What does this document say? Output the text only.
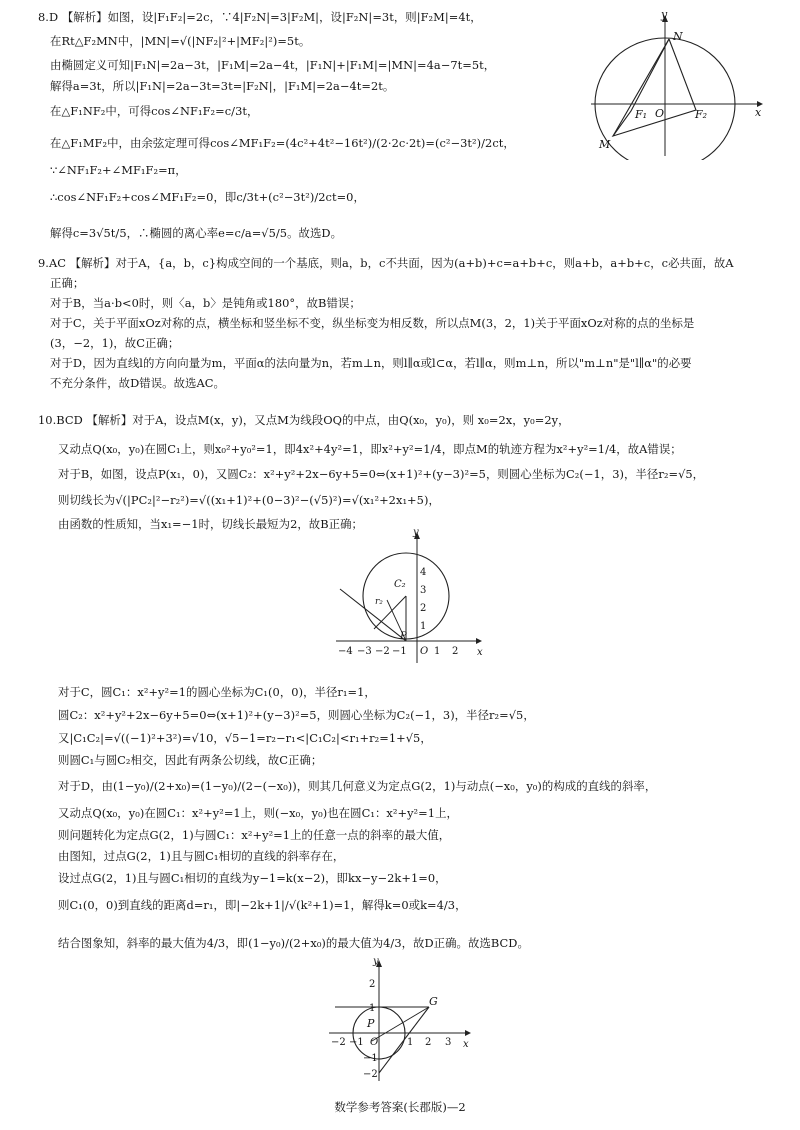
8.D 【解析】如图，设|F₁F₂|=2c，∵4|F₂N|=3|F₂M|，设|F₂N|=3t，则|F₂M|=4t，
在Rt△F₂MN中，|MN|=√(|NF₂|²+|MF₂|²)=5t。
由椭圆定义可知|F₁N|=2a−3t，|F₁M|=2a−4t，|F₁N|+|F₁M|=|MN|=4a−7t=5t，
解得a=3t，所以|F₁N|=2a−3t=3t=|F₂N|，|F₁M|=2a−4t=2t。
在△F₁NF₂中，可得cos∠NF₁F₂=c/3t，
在△F₁MF₂中，由余弦定理可得cos∠MF₁F₂=(4c²+4t²−16t²)/(2·2c·2t)=(c²−3t²)/2ct，
∵∠NF₁F₂+∠MF₁F₂=π，
∴cos∠NF₁F₂+cos∠MF₁F₂=0，即c/3t+(c²−3t²)/2ct=0，
解得c=3√5t/5，∴椭圆的离心率e=c/a=√5/5。故选D。
y
x
N
F₁ O	F₂
M
9.AC 【解析】对于A，{a，b，c}构成空间的一个基底，则a，b，c不共面，因为(a+b)+c=a+b+c，则a+b，a+b+c，c必共面，故A
正确；
对于B，当a·b<0时，则〈a，b〉是钝角或180°，故B错误；
对于C，关于平面xOz对称的点，横坐标和竖坐标不变，纵坐标变为相反数，所以点M(3，2，1)关于平面xOz对称的点的坐标是
(3，−2，1)，故C正确；
对于D，因为直线l的方向向量为m，平面α的法向量为n，若m⊥n，则l∥α或l⊂α，若l∥α，则m⊥n，所以"m⊥n"是"l∥α"的必要
不充分条件，故D错误。故选AC。
10.BCD 【解析】对于A，设点M(x，y)，又点M为线段OQ的中点，由Q(x₀，y₀)，则 x₀=2x，y₀=2y，
又动点Q(x₀，y₀)在圆C₁上，则x₀²+y₀²=1，即4x²+4y²=1，即x²+y²=1/4，即点M的轨迹方程为x²+y²=1/4，故A错误；
对于B，如图，设点P(x₁，0)，又圆C₂：x²+y²+2x−6y+5=0⇔(x+1)²+(y−3)²=5，则圆心坐标为C₂(−1，3)，半径r₂=√5，
则切线长为√(|PC₂|²−r₂²)=√((x₁+1)²+(0−3)²−(√5)²)=√(x₁²+2x₁+5)，
由函数的性质知，当x₁=−1时，切线长最短为2，故B正确；
y
x
C₂
r₂
P
O
−4 −3 −2 −1	1 2
4
3
2
1
对于C，圆C₁：x²+y²=1的圆心坐标为C₁(0，0)，半径r₁=1，
圆C₂：x²+y²+2x−6y+5=0⇔(x+1)²+(y−3)²=5，则圆心坐标为C₂(−1，3)，半径r₂=√5，
又|C₁C₂|=√((−1)²+3²)=√10，√5−1=r₂−r₁<|C₁C₂|<r₁+r₂=1+√5，
则圆C₁与圆C₂相交，因此有两条公切线，故C正确；
对于D，由(1−y₀)/(2+x₀)=(1−y₀)/(2−(−x₀))，则其几何意义为定点G(2，1)与动点(−x₀，y₀)的构成的直线的斜率，
又动点Q(x₀，y₀)在圆C₁：x²+y²=1上，则(−x₀，y₀)也在圆C₁：x²+y²=1上，
则问题转化为定点G(2，1)与圆C₁：x²+y²=1上的任意一点的斜率的最大值，
由图知，过点G(2，1)且与圆C₁相切的直线的斜率存在，
设过点G(2，1)且与圆C₁相切的直线为y−1=k(x−2)，即kx−y−2k+1=0，
则C₁(0，0)到直线的距离d=r₁，即|−2k+1|/√(k²+1)=1，解得k=0或k=4/3，
结合图象知，斜率的最大值为4/3，即(1−y₀)/(2+x₀)的最大值为4/3，故D正确。故选BCD。
y
x
G
P
O
−2 −1	1 2 3
2
1
−1
−2
数学参考答案(长郡版)—2
